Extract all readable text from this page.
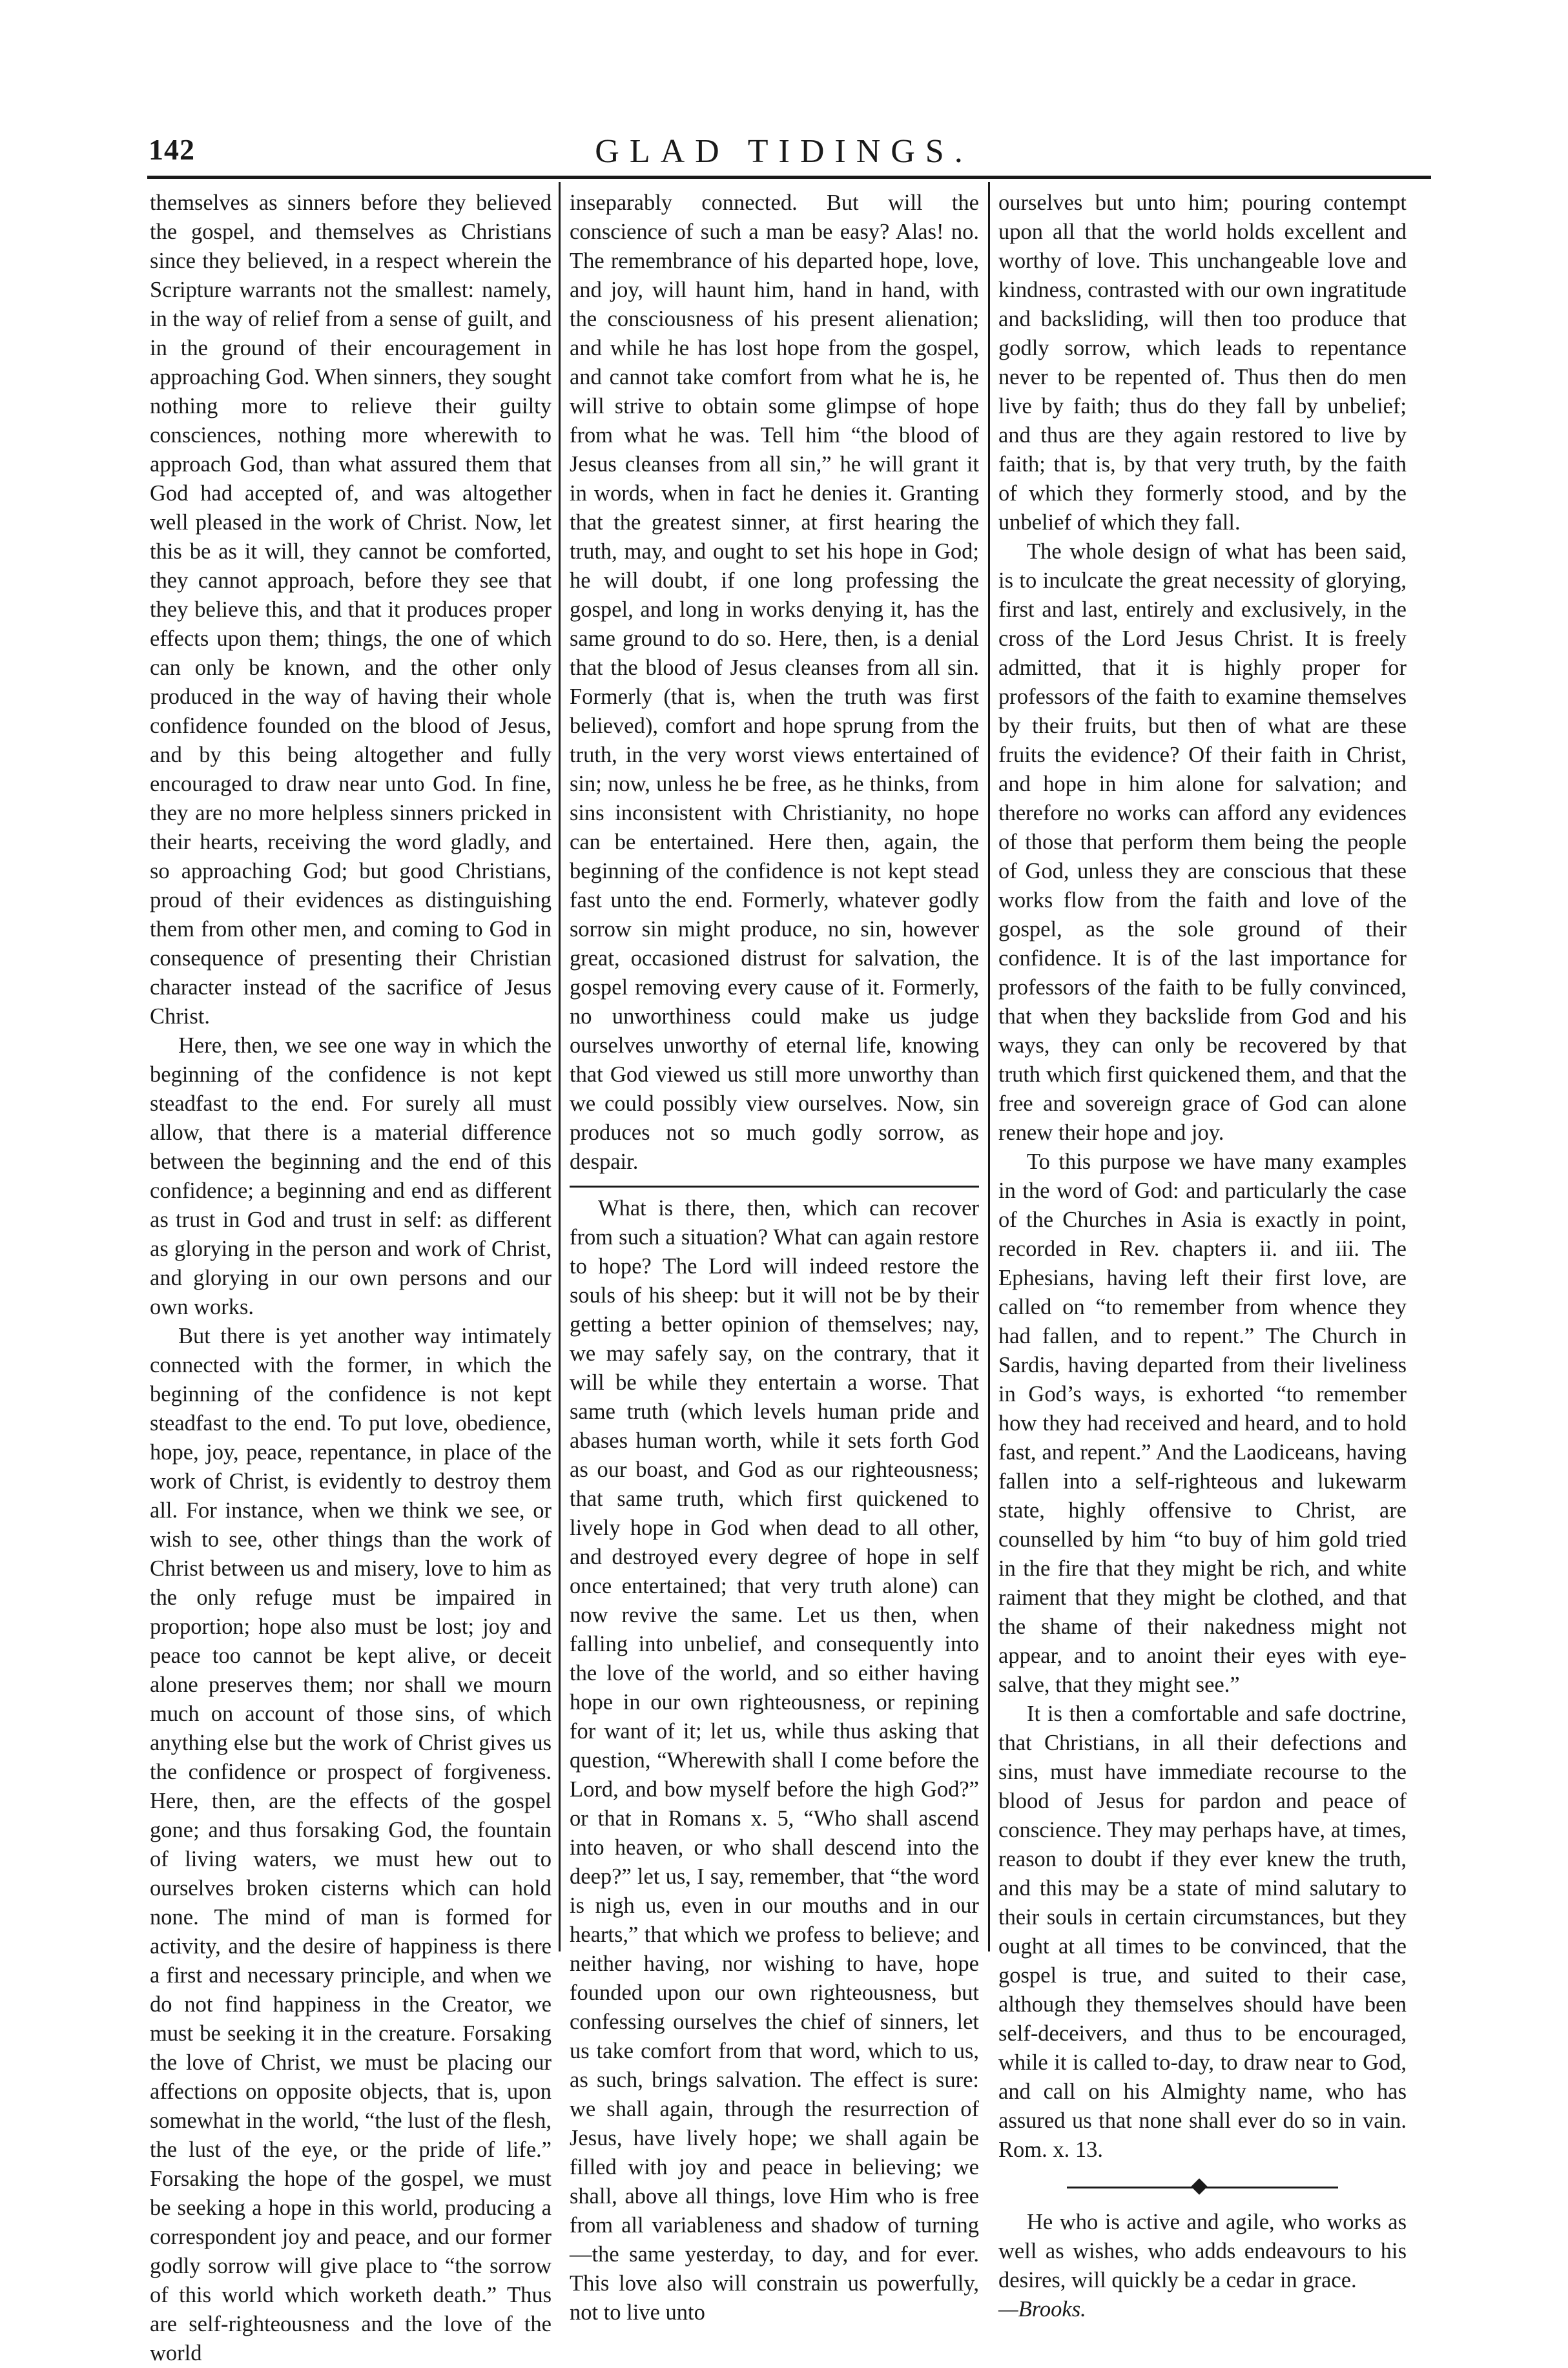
142	GLAD TIDINGS.

themselves as sinners before they believed the gospel, and themselves as Christians since they believed, in a respect wherein the Scripture warrants not the smallest: namely, in the way of relief from a sense of guilt, and in the ground of their encouragement in approaching God. When sinners, they sought nothing more to relieve their guilty consciences, nothing more wherewith to approach God, than what assured them that God had accepted of, and was altogether well pleased in the work of Christ. Now, let this be as it will, they cannot be comforted, they cannot approach, before they see that they believe this, and that it produces proper effects upon them; things, the one of which can only be known, and the other only produced in the way of having their whole confidence founded on the blood of Jesus, and by this being altogether and fully encouraged to draw near unto God. In fine, they are no more helpless sinners pricked in their hearts, receiving the word gladly, and so approaching God; but good Christians, proud of their evidences as distinguishing them from other men, and coming to God in consequence of presenting their Christian character instead of the sacrifice of Jesus Christ.

Here, then, we see one way in which the beginning of the confidence is not kept steadfast to the end. For surely all must allow, that there is a material difference between the beginning and the end of this confidence; a beginning and end as different as trust in God and trust in self: as different as glorying in the person and work of Christ, and glorying in our own persons and our own works.

But there is yet another way intimately connected with the former, in which the beginning of the confidence is not kept steadfast to the end. To put love, obedience, hope, joy, peace, repentance, in place of the work of Christ, is evidently to destroy them all. For instance, when we think we see, or wish to see, other things than the work of Christ between us and misery, love to him as the only refuge must be impaired in proportion; hope also must be lost; joy and peace too cannot be kept alive, or deceit alone preserves them; nor shall we mourn much on account of those sins, of which anything else but the work of Christ gives us the confidence or prospect of forgiveness. Here, then, are the effects of the gospel gone; and thus forsaking God, the fountain of living waters, we must hew out to ourselves broken cisterns which can hold none. The mind of man is formed for activity, and the desire of happiness is there a first and necessary principle, and when we do not find happiness in the Creator, we must be seeking it in the creature. Forsaking the love of Christ, we must be placing our affections on opposite objects, that is, upon somewhat in the world, “the lust of the flesh, the lust of the eye, or the pride of life.” Forsaking the hope of the gospel, we must be seeking a hope in this world, producing a correspondent joy and peace, and our former godly sorrow will give place to “the sorrow of this world which worketh death.” Thus are self-righteousness and the love of the world

inseparably connected. But will the conscience of such a man be easy? Alas! no. The remembrance of his departed hope, love, and joy, will haunt him, hand in hand, with the consciousness of his present alienation; and while he has lost hope from the gospel, and cannot take comfort from what he is, he will strive to obtain some glimpse of hope from what he was. Tell him “the blood of Jesus cleanses from all sin,” he will grant it in words, when in fact he denies it. Granting that the greatest sinner, at first hearing the truth, may, and ought to set his hope in God; he will doubt, if one long professing the gospel, and long in works denying it, has the same ground to do so. Here, then, is a denial that the blood of Jesus cleanses from all sin. Formerly (that is, when the truth was first believed), comfort and hope sprung from the truth, in the very worst views entertained of sin; now, unless he be free, as he thinks, from sins inconsistent with Christianity, no hope can be entertained. Here then, again, the beginning of the confidence is not kept stead fast unto the end. Formerly, whatever godly sorrow sin might produce, no sin, however great, occasioned distrust for salvation, the gospel removing every cause of it. Formerly, no unworthiness could make us judge ourselves unworthy of eternal life, knowing that God viewed us still more unworthy than we could possibly view ourselves. Now, sin produces not so much godly sorrow, as despair.

What is there, then, which can recover from such a situation? What can again restore to hope? The Lord will indeed restore the souls of his sheep: but it will not be by their getting a better opinion of themselves; nay, we may safely say, on the contrary, that it will be while they entertain a worse. That same truth (which levels human pride and abases human worth, while it sets forth God as our boast, and God as our righteousness; that same truth, which first quickened to lively hope in God when dead to all other, and destroyed every degree of hope in self once entertained; that very truth alone) can now revive the same. Let us then, when falling into unbelief, and consequently into the love of the world, and so either having hope in our own righteousness, or repining for want of it; let us, while thus asking that question, “Wherewith shall I come before the Lord, and bow myself before the high God?” or that in Romans x. 5, “Who shall ascend into heaven, or who shall descend into the deep?” let us, I say, remember, that “the word is nigh us, even in our mouths and in our hearts,” that which we profess to believe; and neither having, nor wishing to have, hope founded upon our own righteousness, but confessing ourselves the chief of sinners, let us take comfort from that word, which to us, as such, brings salvation. The effect is sure: we shall again, through the resurrection of Jesus, have lively hope; we shall again be filled with joy and peace in believing; we shall, above all things, love Him who is free from all variableness and shadow of turning—the same yesterday, to day, and for ever. This love also will constrain us powerfully, not to live unto

ourselves but unto him; pouring contempt upon all that the world holds excellent and worthy of love. This unchangeable love and kindness, contrasted with our own ingratitude and backsliding, will then too produce that godly sorrow, which leads to repentance never to be repented of. Thus then do men live by faith; thus do they fall by unbelief; and thus are they again restored to live by faith; that is, by that very truth, by the faith of which they formerly stood, and by the unbelief of which they fall.

The whole design of what has been said, is to inculcate the great necessity of glorying, first and last, entirely and exclusively, in the cross of the Lord Jesus Christ. It is freely admitted, that it is highly proper for professors of the faith to examine themselves by their fruits, but then of what are these fruits the evidence? Of their faith in Christ, and hope in him alone for salvation; and therefore no works can afford any evidences of those that perform them being the people of God, unless they are conscious that these works flow from the faith and love of the gospel, as the sole ground of their confidence. It is of the last importance for professors of the faith to be fully convinced, that when they backslide from God and his ways, they can only be recovered by that truth which first quickened them, and that the free and sovereign grace of God can alone renew their hope and joy.

To this purpose we have many examples in the word of God: and particularly the case of the Churches in Asia is exactly in point, recorded in Rev. chapters ii. and iii. The Ephesians, having left their first love, are called on “to remember from whence they had fallen, and to repent.” The Church in Sardis, having departed from their liveliness in God’s ways, is exhorted “to remember how they had received and heard, and to hold fast, and repent.” And the Laodiceans, having fallen into a self-righteous and lukewarm state, highly offensive to Christ, are counselled by him “to buy of him gold tried in the fire that they might be rich, and white raiment that they might be clothed, and that the shame of their nakedness might not appear, and to anoint their eyes with eye-salve, that they might see.”

It is then a comfortable and safe doctrine, that Christians, in all their defections and sins, must have immediate recourse to the blood of Jesus for pardon and peace of conscience. They may perhaps have, at times, reason to doubt if they ever knew the truth, and this may be a state of mind salutary to their souls in certain circumstances, but they ought at all times to be convinced, that the gospel is true, and suited to their case, although they themselves should have been self-deceivers, and thus to be encouraged, while it is called to-day, to draw near to God, and call on his Almighty name, who has assured us that none shall ever do so in vain. Rom. x. 13.

He who is active and agile, who works as well as wishes, who adds endeavours to his desires, will quickly be a cedar in grace.

—Brooks.
